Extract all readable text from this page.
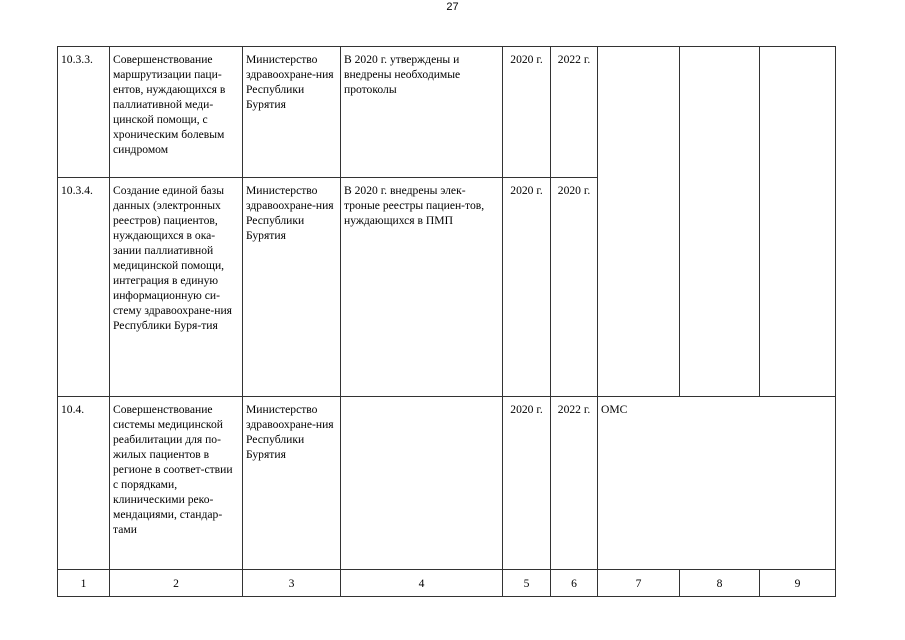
27
10.3.3.	Совершенствование маршрутизации паци-ентов, нуждающихся в паллиативной меди-цинской помощи, с хроническим болевым синдромом	Министерство здравоохране-ния Республики Бурятия	В 2020 г. утверждены и внедрены необходимые протоколы	2020 г.	2022 г.			
10.3.4.	Создание единой базы данных (электронных реестров) пациентов, нуждающихся в ока-зании паллиативной медицинской помощи, интеграция в единую информационную си-стему здравоохране-ния Республики Буря-тия	Министерство здравоохране-ния Республики Бурятия	В 2020 г. внедрены элек-троные реестры пациен-тов, нуждающихся в ПМП	2020 г.	2020 г.			
10.4.	Совершенствование системы медицинской реабилитации для по-жилых пациентов в регионе в соответ-ствии с порядками, клиническими реко-мендациями, стандар-тами	Министерство здравоохране-ния Республики Бурятия		2020 г.	2022 г.	ОМС		
1	2	3	4	5	6	7	8	9
